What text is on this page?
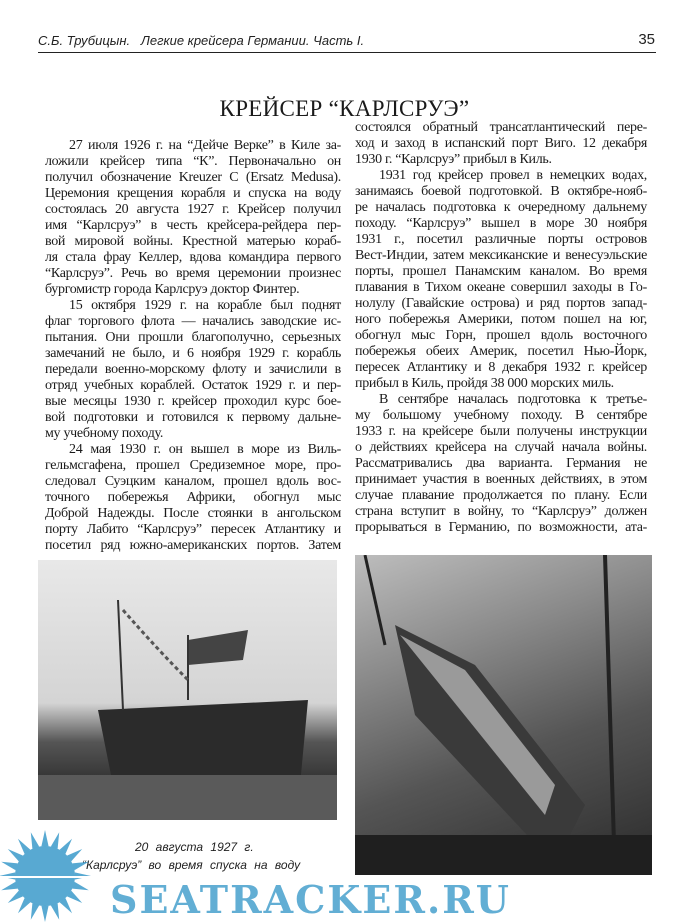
С.Б. Трубицын.   Легкие крейсера Германии. Часть I.	35
КРЕЙСЕР “КАРЛСРУЭ”
27 июля 1926 г. на “Дейче Верке” в Киле за-
ложили крейсер типа “К”. Первоначально он
получил обозначение Kreuzer C (Ersatz Medusa).
Церемония крещения корабля и спуска на воду
состоялась 20 августа 1927 г. Крейсер получил
имя “Карлсруэ” в честь крейсера-рейдера пер-
вой мировой войны. Крестной матерью кораб-
ля стала фрау Келлер, вдова командира первого
“Карлсруэ”. Речь во время церемонии произнес
бургомистр города Карлсруэ доктор Финтер.
15 октября 1929 г. на корабле был поднят
флаг торгового флота — начались заводские ис-
пытания. Они прошли благополучно, серьезных
замечаний не было, и 6 ноября 1929 г. корабль
передали военно-морскому флоту и зачислили в
отряд учебных кораблей. Остаток 1929 г. и пер-
вые месяцы 1930 г. крейсер проходил курс бое-
вой подготовки и готовился к первому дальне-
му учебному походу.
24 мая 1930 г. он вышел в море из Виль-
гельмсгафена, прошел Средиземное море, про-
следовал Суэцким каналом, прошел вдоль вос-
точного побережья Африки, обогнул мыс
Доброй Надежды. После стоянки в ангольском
порту Лабито “Карлсруэ” пересек Атлантику и
посетил ряд южно-американских портов. Затем
состоялся обратный трансатлантический пере-
ход и заход в испанский порт Виго. 12 декабря
1930 г. “Карлсруэ” прибыл в Киль.
1931 год крейсер провел в немецких водах,
занимаясь боевой подготовкой. В октябре-нояб-
ре началась подготовка к очередному дальнему
походу. “Карлсруэ” вышел в море 30 ноября
1931 г., посетил различные порты островов
Вест-Индии, затем мексиканские и венесуэльские
порты, прошел Панамским каналом. Во время
плавания в Тихом океане совершил заходы в Го-
нолулу (Гавайские острова) и ряд портов запад-
ного побережья Америки, потом пошел на юг,
обогнул мыс Горн, прошел вдоль восточного
побережья обеих Америк, посетил Нью-Йорк,
пересек Атлантику и 8 декабря 1932 г. крейсер
прибыл в Киль, пройдя 38 000 морских миль.
В сентябре началась подготовка к третье-
му большому учебному походу. В сентябре
1933 г. на крейсере были получены инструкции
о действиях крейсера на случай начала войны.
Рассматривались два варианта. Германия не
принимает участия в военных действиях, в этом
случае плавание продолжается по плану. Если
страна вступит в войну, то “Карлсруэ” должен
прорываться в Германию, по возможности, ата-
20 августа 1927 г.
“Карлсруэ” во время спуска на воду
SEATRACKER.RU
